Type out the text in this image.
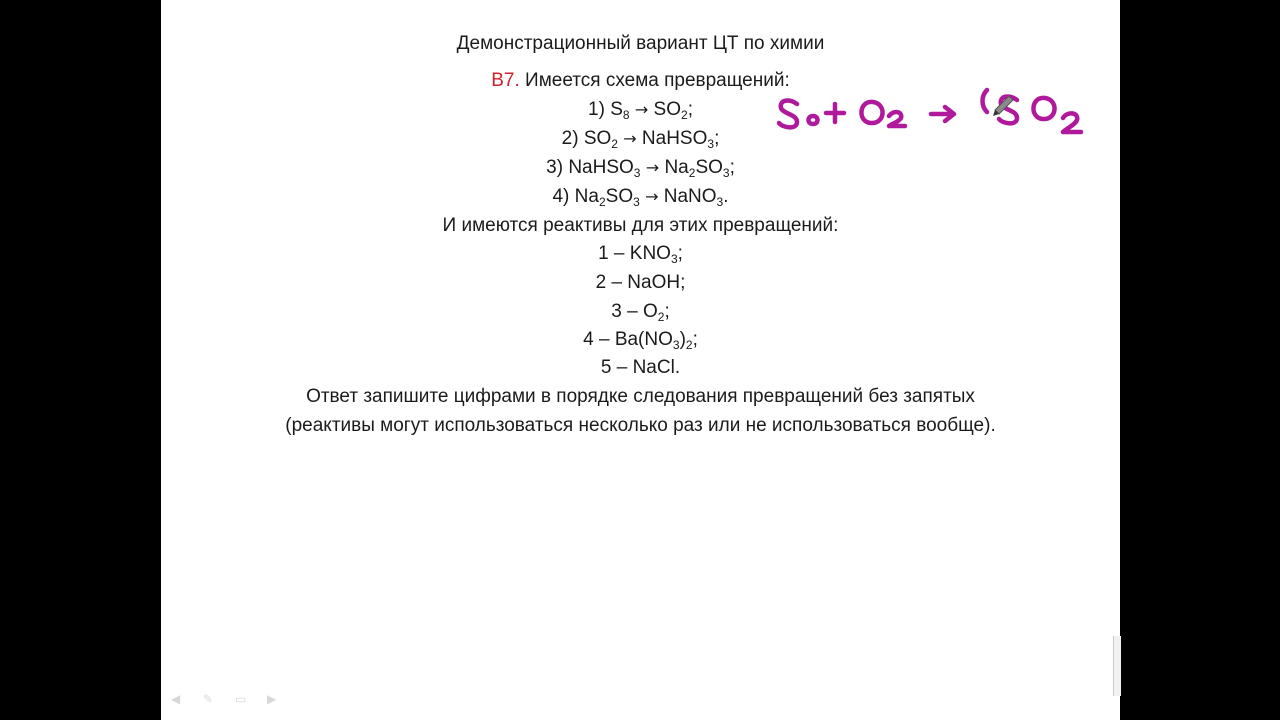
Демонстрационный вариант ЦТ по химии
B7. Имеется схема превращений:
1) $S_8 \to SO_2$;
2) $SO_2$ → NaHSO$_3$;
3) NaHSO$_3$ → $Na_2SO_3$;
4) $Na_2SO_3$ → NaNO$_3$.
И имеются реактивы для этих превращений:
$1 - KNO_3$;
2 – NaOH;
$3 - O_2$;
$4 - Ba(NO_3)_2$;
5 – NaCl.
Ответ запишите цифрами в порядке следования превращений без запятых
(реактивы могут использоваться несколько раз или не использоваться вообще).
◀	✎	▭	▶
